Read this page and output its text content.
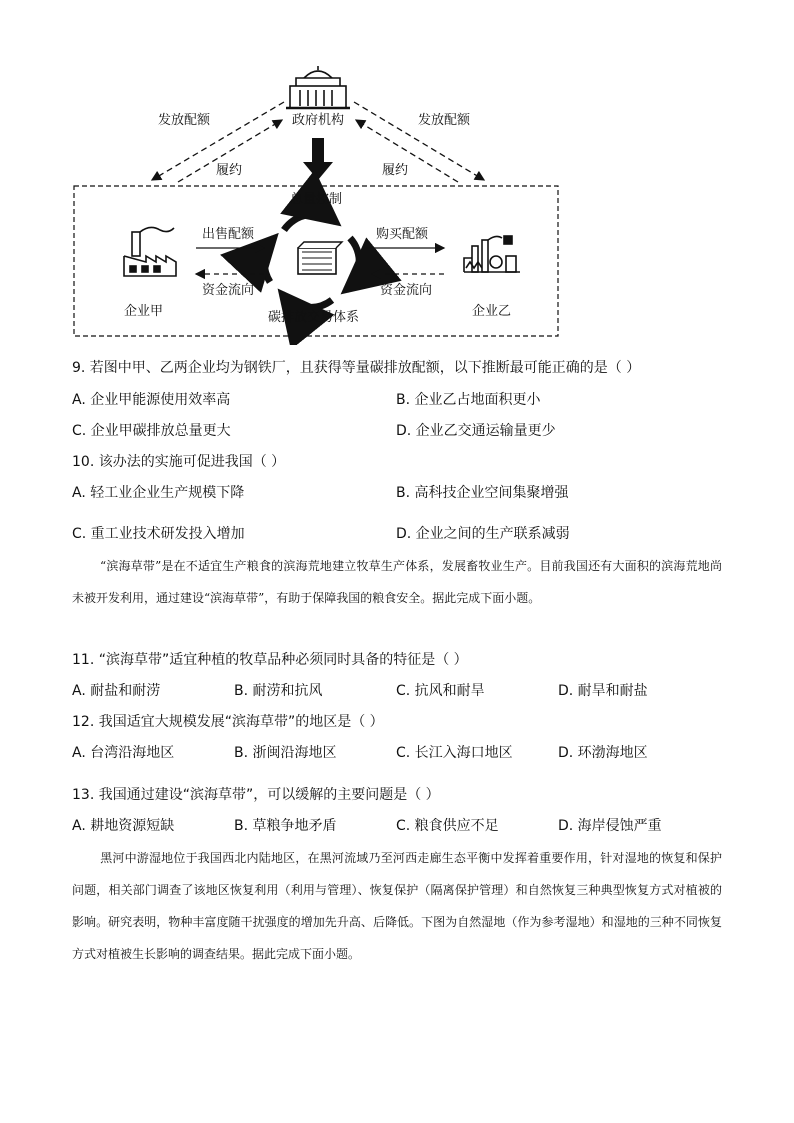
政府机构
发放配额	发放配额
履约	履约
总量控制
出售配额	购买配额
资金流向	资金流向
企业甲	企业乙
碳排放交易体系
9. 若图中甲、乙两企业均为钢铁厂，且获得等量碳排放配额，以下推断最可能正确的是（ ）
A. 企业甲能源使用效率高	B. 企业乙占地面积更小
C. 企业甲碳排放总量更大	D. 企业乙交通运输量更少
10. 该办法的实施可促进我国（ ）
A. 轻工业企业生产规模下降	B. 高科技企业空间集聚增强
C. 重工业技术研发投入增加	D. 企业之间的生产联系减弱
“滨海草带”是在不适宜生产粮食的滨海荒地建立牧草生产体系，发展畜牧业生产。目前我国还有大面积的滨海荒地尚未被开发利用，通过建设“滨海草带”，有助于保障我国的粮食安全。据此完成下面小题。
11. “滨海草带”适宜种植的牧草品种必须同时具备的特征是（ ）
A. 耐盐和耐涝	B. 耐涝和抗风	C. 抗风和耐旱	D. 耐旱和耐盐
12. 我国适宜大规模发展“滨海草带”的地区是（ ）
A. 台湾沿海地区	B. 浙闽沿海地区	C. 长江入海口地区	D. 环渤海地区
13. 我国通过建设“滨海草带”，可以缓解的主要问题是（ ）
A. 耕地资源短缺	B. 草粮争地矛盾	C. 粮食供应不足	D. 海岸侵蚀严重
黑河中游湿地位于我国西北内陆地区，在黑河流域乃至河西走廊生态平衡中发挥着重要作用，针对湿地的恢复和保护问题，相关部门调查了该地区恢复利用（利用与管理）、恢复保护（隔离保护管理）和自然恢复三种典型恢复方式对植被的影响。研究表明，物种丰富度随干扰强度的增加先升高、后降低。下图为自然湿地（作为参考湿地）和湿地的三种不同恢复方式对植被生长影响的调查结果。据此完成下面小题。
